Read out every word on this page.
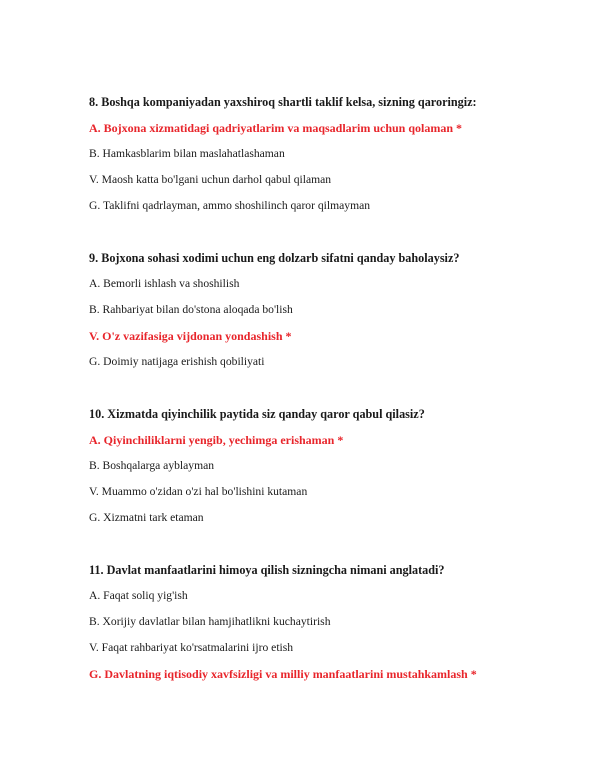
8. Boshqa kompaniyadan yaxshiroq shartli taklif kelsa, sizning qaroringiz:
A. Bojxona xizmatidagi qadriyatlarim va maqsadlarim uchun qolaman *
B. Hamkasblarim bilan maslahatlashaman
V. Maosh katta bo'lgani uchun darhol qabul qilaman
G. Taklifni qadrlayman, ammo shoshilinch qaror qilmayman
9. Bojxona sohasi xodimi uchun eng dolzarb sifatni qanday baholaysiz?
A. Bemorli ishlash va shoshilish
B. Rahbariyat bilan do'stona aloqada bo'lish
V. O'z vazifasiga vijdonan yondashish *
G. Doimiy natijaga erishish qobiliyati
10. Xizmatda qiyinchilik paytida siz qanday qaror qabul qilasiz?
A. Qiyinchiliklarni yengib, yechimga erishaman *
B. Boshqalarga ayblayman
V. Muammo o'zidan o'zi hal bo'lishini kutaman
G. Xizmatni tark etaman
11. Davlat manfaatlarini himoya qilish sizningcha nimani anglatadi?
A. Faqat soliq yig'ish
B. Xorijiy davlatlar bilan hamjihatlikni kuchaytirish
V. Faqat rahbariyat ko'rsatmalarini ijro etish
G. Davlatning iqtisodiy xavfsizligi va milliy manfaatlarini mustahkamlash *
